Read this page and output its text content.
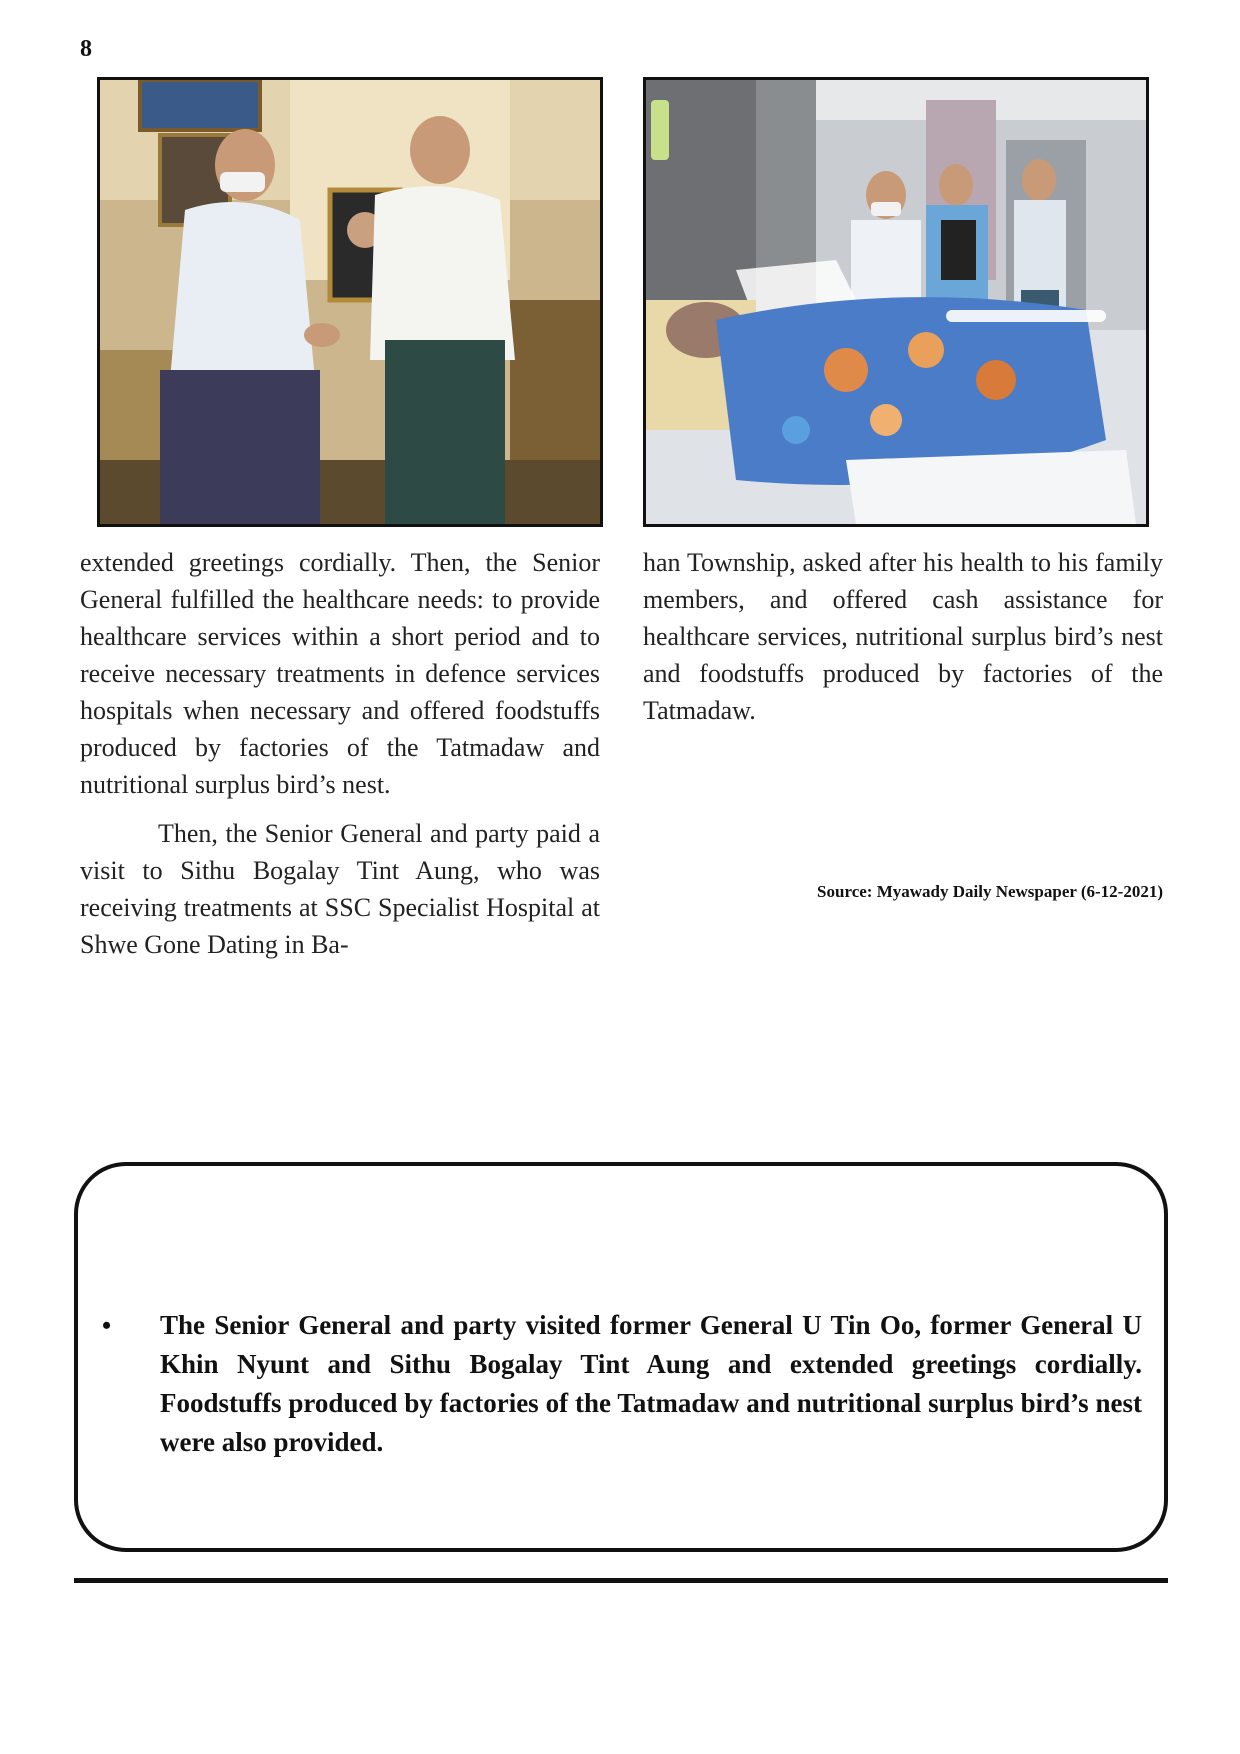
8

extended greetings cordially. Then, the Senior General fulfilled the healthcare needs: to provide healthcare services within a short period and to receive necessary treatments in defence services hospitals when necessary and offered foodstuffs produced by factories of the Tatmadaw and nutritional surplus bird’s nest.

Then, the Senior General and party paid a visit to Sithu Bogalay Tint Aung, who was receiving treatments at SSC Specialist Hospital at Shwe Gone Dating in Ba-

han Township, asked after his health to his family members, and offered cash assistance for healthcare services, nutritional surplus bird’s nest and foodstuffs produced by factories of the Tatmadaw.

Source: Myawady Daily Newspaper (6-12-2021)
• The Senior General and party visited former General U Tin Oo, former General U Khin Nyunt and Sithu Bogalay Tint Aung and extended greetings cordially. Foodstuffs produced by factories of the Tatmadaw and nutritional surplus bird’s nest were also provided.
